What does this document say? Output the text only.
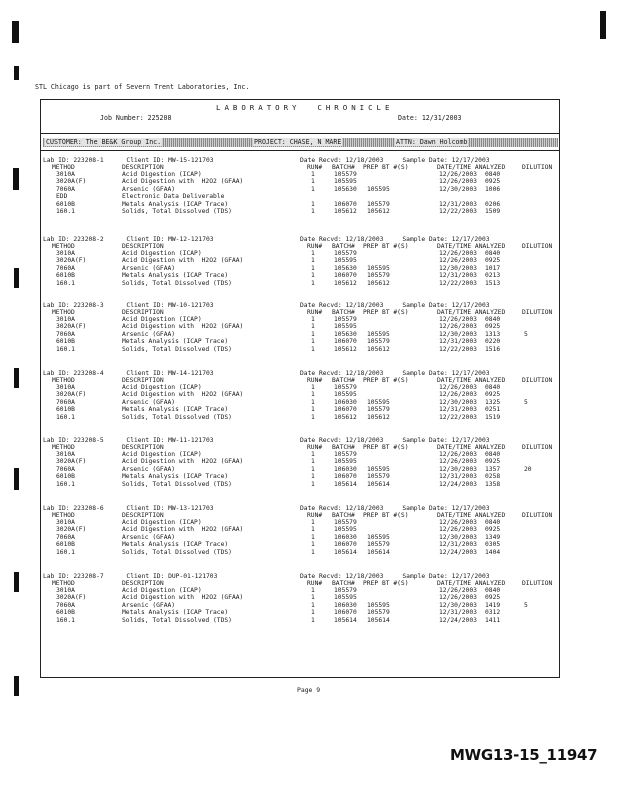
STL Chicago is part of Severn Trent Laboratories, Inc.
LABORATORY  CHRONICLE
Job Number: 225208	Date: 12/31/2003
CUSTOMER: The BE&K Group Inc.	PROJECT: CHASE, N MARE	ATTN: Dawn Holcomb
Lab ID: 223208-1      Client ID: MW-15-121703	Date Recvd: 12/18/2003     Sample Date: 12/17/2003
METHOD	DESCRIPTION	RUN# BATCH# PREP BT #(S)	DATE/TIME ANALYZED	DILUTION
3010A	Acid Digestion (ICAP)	1	105579	12/26/2003 0840
3020A(F)	Acid Digestion with  H2O2 (GFAA)	1	105595	12/26/2003 0925
7060A	Arsenic (GFAA)	1	105630 105595	12/30/2003 1006
EDD	Electronic Data Deliverable
6010B	Metals Analysis (ICAP Trace)	1	106070 105579	12/31/2003 0206
160.1	Solids, Total Dissolved (TDS)	1	105612 105612	12/22/2003 1509
Lab ID: 223208-2      Client ID: MW-12-121703	Date Recvd: 12/18/2003     Sample Date: 12/17/2003
METHOD	DESCRIPTION	RUN# BATCH# PREP BT #(S)	DATE/TIME ANALYZED	DILUTION
3010A	Acid Digestion (ICAP)	1	105579	12/26/2003 0840
3020A(F)	Acid Digestion with  H2O2 (GFAA)	1	105595	12/26/2003 0925
7060A	Arsenic (GFAA)	1	105630 105595	12/30/2003 1017
6010B	Metals Analysis (ICAP Trace)	1	106070 105579	12/31/2003 0213
160.1	Solids, Total Dissolved (TDS)	1	105612 105612	12/22/2003 1513
Lab ID: 223208-3      Client ID: MW-10-121703	Date Recvd: 12/18/2003     Sample Date: 12/17/2003
METHOD	DESCRIPTION	RUN# BATCH# PREP BT #(S)	DATE/TIME ANALYZED	DILUTION
3010A	Acid Digestion (ICAP)	1	105579	12/26/2003 0840
3020A(F)	Acid Digestion with  H2O2 (GFAA)	1	105595	12/26/2003 0925
7060A	Arsenic (GFAA)	1	105630 105595	12/30/2003 1313	5
6010B	Metals Analysis (ICAP Trace)	1	106070 105579	12/31/2003 0220
160.1	Solids, Total Dissolved (TDS)	1	105612 105612	12/22/2003 1516
Lab ID: 223208-4      Client ID: MW-14-121703	Date Recvd: 12/18/2003     Sample Date: 12/17/2003
METHOD	DESCRIPTION	RUN# BATCH# PREP BT #(S)	DATE/TIME ANALYZED	DILUTION
3010A	Acid Digestion (ICAP)	1	105579	12/26/2003 0840
3020A(F)	Acid Digestion with  H2O2 (GFAA)	1	105595	12/26/2003 0925
7060A	Arsenic (GFAA)	1	106030 105595	12/30/2003 1325	5
6010B	Metals Analysis (ICAP Trace)	1	106070 105579	12/31/2003 0251
160.1	Solids, Total Dissolved (TDS)	1	105612 105612	12/22/2003 1519
Lab ID: 223208-5      Client ID: MW-11-121703	Date Recvd: 12/18/2003     Sample Date: 12/17/2003
METHOD	DESCRIPTION	RUN# BATCH# PREP BT #(S)	DATE/TIME ANALYZED	DILUTION
3010A	Acid Digestion (ICAP)	1	105579	12/26/2003 0840
3020A(F)	Acid Digestion with  H2O2 (GFAA)	1	105595	12/26/2003 0925
7060A	Arsenic (GFAA)	1	106030 105595	12/30/2003 1357	20
6010B	Metals Analysis (ICAP Trace)	1	106070 105579	12/31/2003 0258
160.1	Solids, Total Dissolved (TDS)	1	105614 105614	12/24/2003 1358
Lab ID: 223208-6      Client ID: MW-13-121703	Date Recvd: 12/18/2003     Sample Date: 12/17/2003
METHOD	DESCRIPTION	RUN# BATCH# PREP BT #(S)	DATE/TIME ANALYZED	DILUTION
3010A	Acid Digestion (ICAP)	1	105579	12/26/2003 0840
3020A(F)	Acid Digestion with  H2O2 (GFAA)	1	105595	12/26/2003 0925
7060A	Arsenic (GFAA)	1	106030 105595	12/30/2003 1349
6010B	Metals Analysis (ICAP Trace)	1	106070 105579	12/31/2003 0305
160.1	Solids, Total Dissolved (TDS)	1	105614 105614	12/24/2003 1404
Lab ID: 223208-7      Client ID: DUP-01-121703	Date Recvd: 12/18/2003     Sample Date: 12/17/2003
METHOD	DESCRIPTION	RUN# BATCH# PREP BT #(S)	DATE/TIME ANALYZED	DILUTION
3010A	Acid Digestion (ICAP)	1	105579	12/26/2003 0840
3020A(F)	Acid Digestion with  H2O2 (GFAA)	1	105595	12/26/2003 0925
7060A	Arsenic (GFAA)	1	106030 105595	12/30/2003 1419	5
6010B	Metals Analysis (ICAP Trace)	1	106070 105579	12/31/2003 0312
160.1	Solids, Total Dissolved (TDS)	1	105614 105614	12/24/2003 1411
Page 9
MWG13-15_11947
